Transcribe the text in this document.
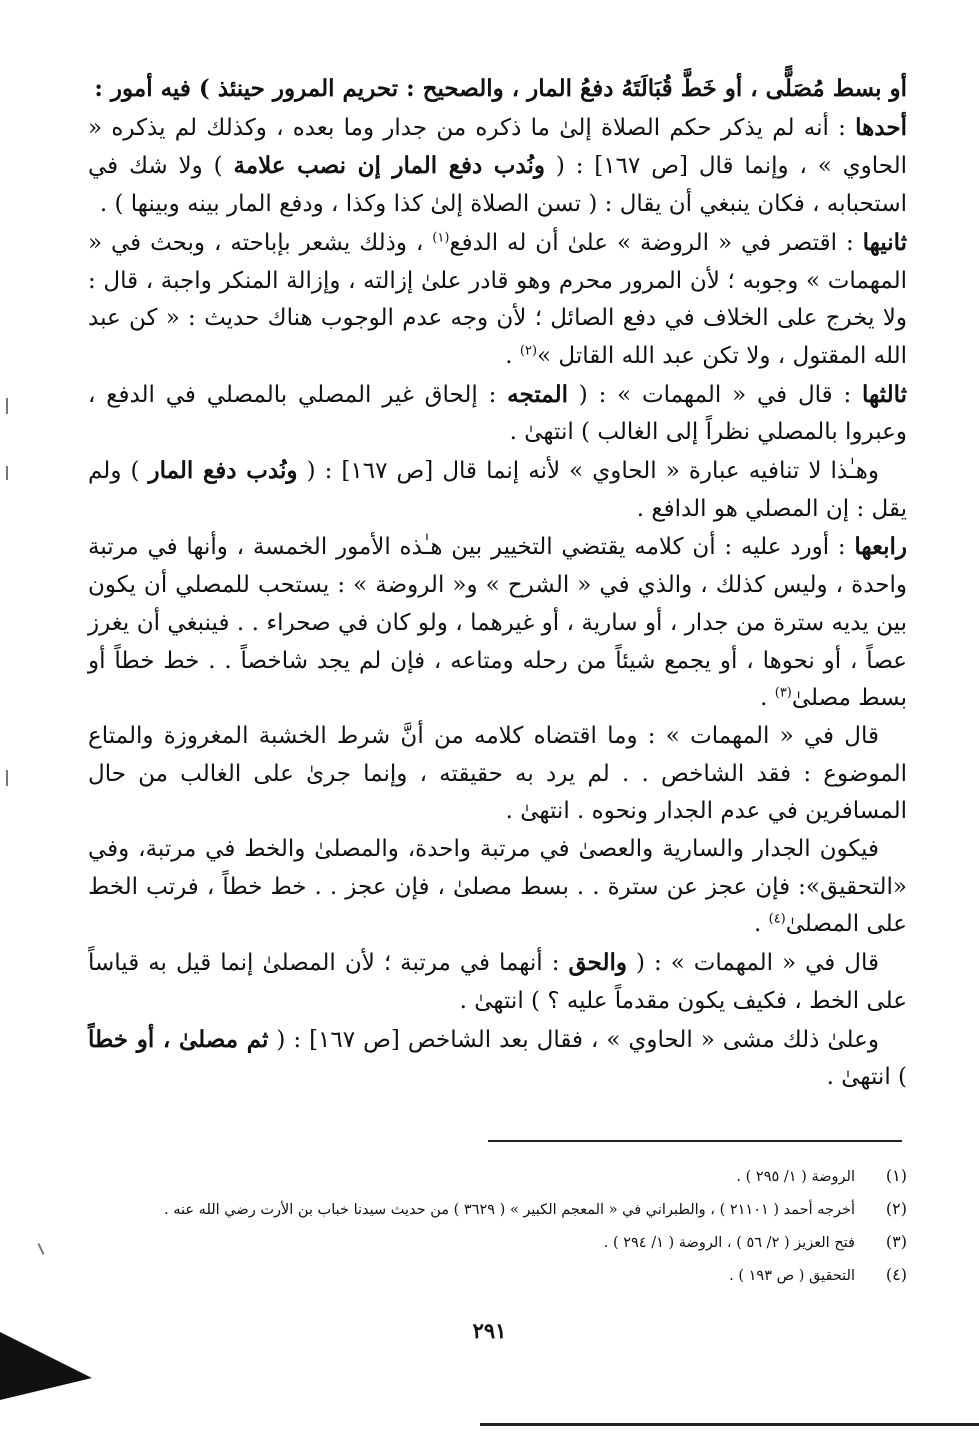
أو بسط مُصَلًّى ، أو خَطَّ قُبَالَتَهُ دفعُ المار ، والصحيح : تحريم المرور حينئذ ) فيه أمور :

أحدها : أنه لم يذكر حكم الصلاة إلىٰ ما ذكره من جدار وما بعده ، وكذلك لم يذكره « الحاوي » ، وإنما قال [ص ١٦٧] : ( ونُدب دفع المار إن نصب علامة ) ولا شك في استحبابه ، فكان ينبغي أن يقال : ( تسن الصلاة إلىٰ كذا وكذا ، ودفع المار بينه وبينها ) .

ثانيها : اقتصر في « الروضة » علىٰ أن له الدفع$^{(١)}$ ، وذلك يشعر بإباحته ، وبحث في « المهمات » وجوبه ؛ لأن المرور محرم وهو قادر علىٰ إزالته ، وإزالة المنكر واجبة ، قال : ولا يخرج على الخلاف في دفع الصائل ؛ لأن وجه عدم الوجوب هناك حديث : « كن عبد الله المقتول ، ولا تكن عبد الله القاتل »$^{(٢)}$ .

ثالثها : قال في « المهمات » : ( المتجه : إلحاق غير المصلي بالمصلي في الدفع ، وعبروا بالمصلي نظراً إلى الغالب ) انتهىٰ .

وهـٰذا لا تنافيه عبارة « الحاوي » لأنه إنما قال [ص ١٦٧] : ( ونُدب دفع المار ) ولم يقل : إن المصلي هو الدافع .

رابعها : أورد عليه : أن كلامه يقتضي التخيير بين هـٰذه الأمور الخمسة ، وأنها في مرتبة واحدة ، وليس كذلك ، والذي في « الشرح » و« الروضة » : يستحب للمصلي أن يكون بين يديه سترة من جدار ، أو سارية ، أو غيرهما ، ولو كان في صحراء . . فينبغي أن يغرز عصاً ، أو نحوها ، أو يجمع شيئاً من رحله ومتاعه ، فإن لم يجد شاخصاً . . خط خطاً أو بسط مصلىٰ$^{(٣)}$ .

قال في « المهمات » : وما اقتضاه كلامه من أنَّ شرط الخشبة المغروزة والمتاع الموضوع : فقد الشاخص . . لم يرد به حقيقته ، وإنما جرىٰ على الغالب من حال المسافرين في عدم الجدار ونحوه . انتهىٰ .

فيكون الجدار والسارية والعصىٰ في مرتبة واحدة، والمصلىٰ والخط في مرتبة، وفي «التحقيق»: فإن عجز عن سترة . . بسط مصلىٰ ، فإن عجز . . خط خطاً ، فرتب الخط على المصلىٰ$^{(٤)}$ .

قال في « المهمات » : ( والحق : أنهما في مرتبة ؛ لأن المصلىٰ إنما قيل به قياساً على الخط ، فكيف يكون مقدماً عليه ؟ ) انتهىٰ .

وعلىٰ ذلك مشى « الحاوي » ، فقال بعد الشاخص [ص ١٦٧] : ( ثم مصلىٰ ، أو خطاً ) انتهىٰ .

(١)
الروضة ( ١/ ٢٩٥ ) .
(٢)
أخرجه أحمد ( ٢١١٠١ ) ، والطبراني في « المعجم الكبير » ( ٣٦٢٩ ) من حديث سيدنا خباب بن الأرت رضي الله عنه .
(٣)
فتح العزيز ( ٢/ ٥٦ ) ، الروضة ( ١/ ٢٩٤ ) .
(٤)
التحقيق ( ص ١٩٣ ) .
٢٩١
